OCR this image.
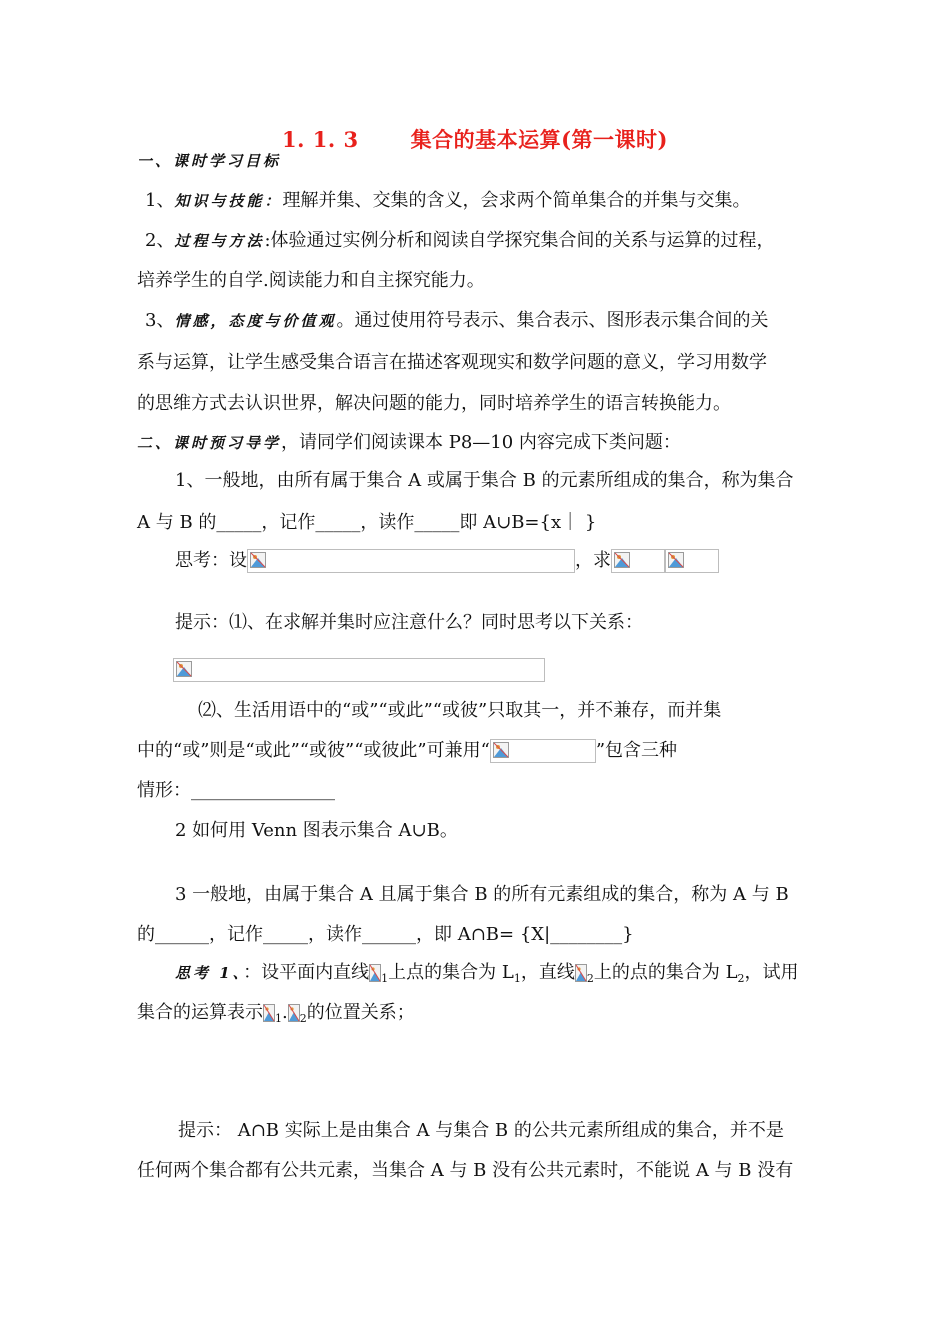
1. 1. 3 集合的基本运算(第一课时)
一、课时学习目标
1、知识与技能：理解并集、交集的含义，会求两个简单集合的并集与交集。
2、过程与方法:体验通过实例分析和阅读自学探究集合间的关系与运算的过程，
培养学生的自学.阅读能力和自主探究能力。
3、情感，态度与价值观。通过使用符号表示、集合表示、图形表示集合间的关
系与运算，让学生感受集合语言在描述客观现实和数学问题的意义，学习用数学
的思维方式去认识世界，解决问题的能力，同时培养学生的语言转换能力。
二、课时预习导学，请同学们阅读课本 P8—10 内容完成下类问题：
1、一般地，由所有属于集合 A 或属于集合 B 的元素所组成的集合，称为集合
A 与 B 的_____，记作_____，读作_____即 A∪B={x｜ }
思考：设	，求
提示：⑴、在求解并集时应注意什么？同时思考以下关系：
⑵、生活用语中的“或”“或此”“或彼”只取其一，并不兼存，而并集
中的“或”则是“或此”“或彼”“或彼此”可兼用“	”包含三种
情形：________________
2 如何用 Venn 图表示集合 A∪B。
3 一般地，由属于集合 A 且属于集合 B 的所有元素组成的集合，称为 A 与 B
的______，记作_____，读作______，即 A∩B= {X|________}
思考 1、：设平面内直线 $_1$上点的集合为 $L_1$，直线 $_2$上的点的集合为 $L_2$，试用
集合的运算表示 $_1$. $_2$的位置关系；
提示： A∩B 实际上是由集合 A 与集合 B 的公共元素所组成的集合，并不是
任何两个集合都有公共元素，当集合 A 与 B 没有公共元素时，不能说 A 与 B 没有
